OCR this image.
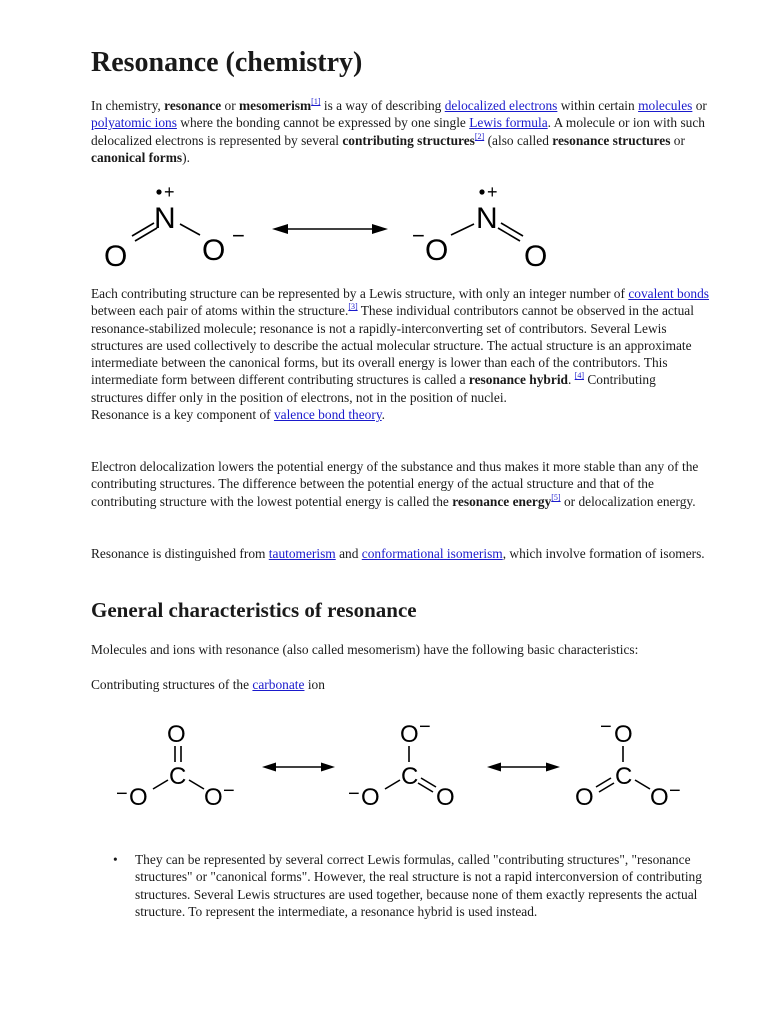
Resonance (chemistry)

In chemistry, resonance or mesomerism[1] is a way of describing delocalized electrons within certain molecules or polyatomic ions where the bonding cannot be expressed by one single Lewis formula. A molecule or ion with such delocalized electrons is represented by several contributing structures[2] (also called resonance structures or canonical forms).

+
N
O O −	− O
+
N
O

Each contributing structure can be represented by a Lewis structure, with only an integer number of covalent bonds between each pair of atoms within the structure.[3] These individual contributors cannot be observed in the actual resonance-stabilized molecule; resonance is not a rapidly-interconverting set of contributors. Several Lewis structures are used collectively to describe the actual molecular structure. The actual structure is an approximate intermediate between the canonical forms, but its overall energy is lower than each of the contributors. This intermediate form between different contributing structures is called a resonance hybrid. [4] Contributing structures differ only in the position of electrons, not in the position of nuclei.
Resonance is a key component of valence bond theory.

Electron delocalization lowers the potential energy of the substance and thus makes it more stable than any of the contributing structures. The difference between the potential energy of the actual structure and that of the contributing structure with the lowest potential energy is called the resonance energy[5] or delocalization energy.

Resonance is distinguished from tautomerism and conformational isomerism, which involve formation of isomers.

General characteristics of resonance

Molecules and ions with resonance (also called mesomerism) have the following basic characteristics:

Contributing structures of the carbonate ion

O
C
− O O −
O −
C
− O O
− O
C
O O −
• They can be represented by several correct Lewis formulas, called "contributing structures", "resonance structures" or "canonical forms". However, the real structure is not a rapid interconversion of contributing structures. Several Lewis structures are used together, because none of them exactly represents the actual structure. To represent the intermediate, a resonance hybrid is used instead.
